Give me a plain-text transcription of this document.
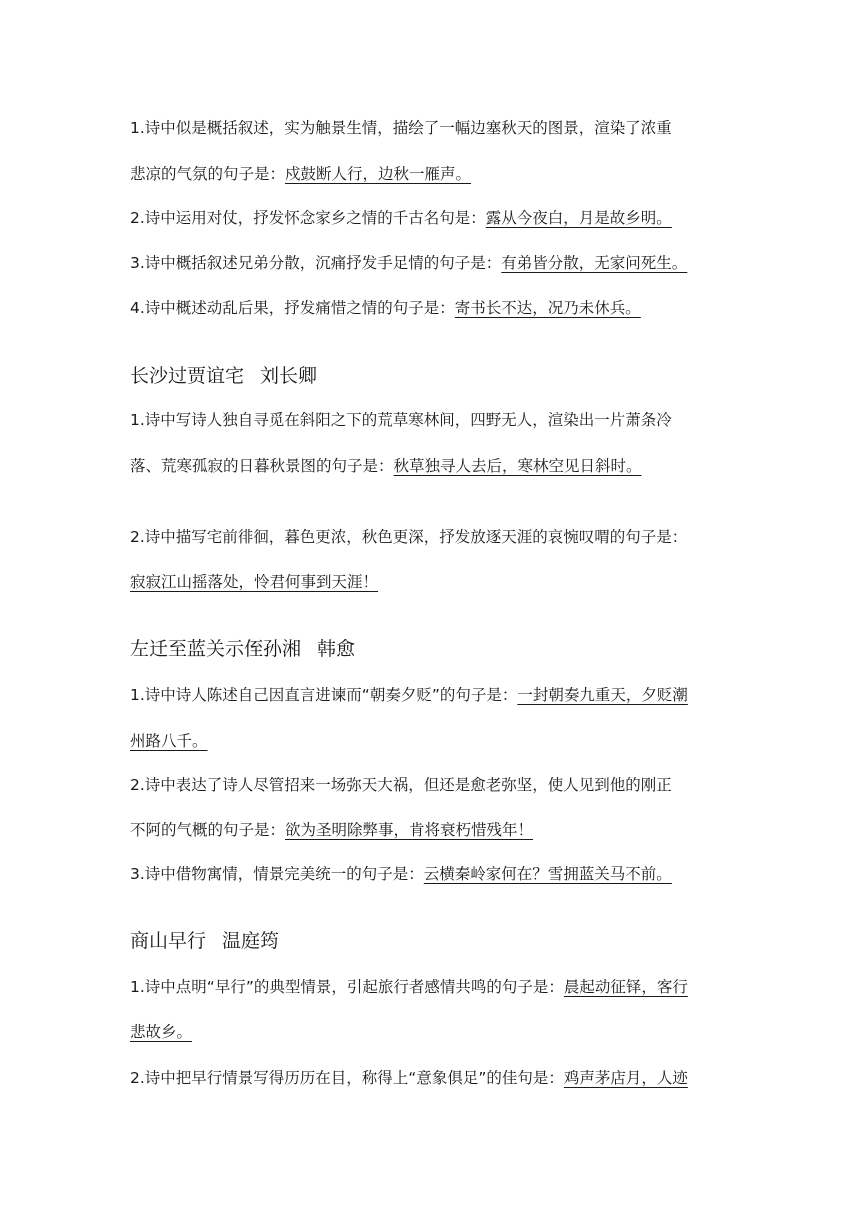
1.诗中似是概括叙述，实为触景生情，描绘了一幅边塞秋天的图景，渲染了浓重
悲凉的气氛的句子是：戍鼓断人行，边秋一雁声。
2.诗中运用对仗，抒发怀念家乡之情的千古名句是：露从今夜白，月是故乡明。
3.诗中概括叙述兄弟分散，沉痛抒发手足情的句子是：有弟皆分散，无家问死生。
4.诗中概述动乱后果，抒发痛惜之情的句子是：寄书长不达，况乃未休兵。
长沙过贾谊宅 刘长卿
1.诗中写诗人独自寻觅在斜阳之下的荒草寒林间，四野无人，渲染出一片萧条冷
落、荒寒孤寂的日暮秋景图的句子是：秋草独寻人去后，寒林空见日斜时。
2.诗中描写宅前徘徊，暮色更浓，秋色更深，抒发放逐天涯的哀惋叹喟的句子是：
寂寂江山摇落处，怜君何事到天涯！
左迁至蓝关示侄孙湘 韩愈
1.诗中诗人陈述自己因直言进谏而“朝奏夕贬”的句子是：一封朝奏九重天，夕贬潮
州路八千。
2.诗中表达了诗人尽管招来一场弥天大祸，但还是愈老弥坚，使人见到他的刚正
不阿的气概的句子是：欲为圣明除弊事，肯将衰朽惜残年！
3.诗中借物寓情，情景完美统一的句子是：云横秦岭家何在？雪拥蓝关马不前。
商山早行 温庭筠
1.诗中点明“早行”的典型情景，引起旅行者感情共鸣的句子是：晨起动征铎，客行
悲故乡。
2.诗中把早行情景写得历历在目，称得上“意象俱足”的佳句是：鸡声茅店月，人迹
